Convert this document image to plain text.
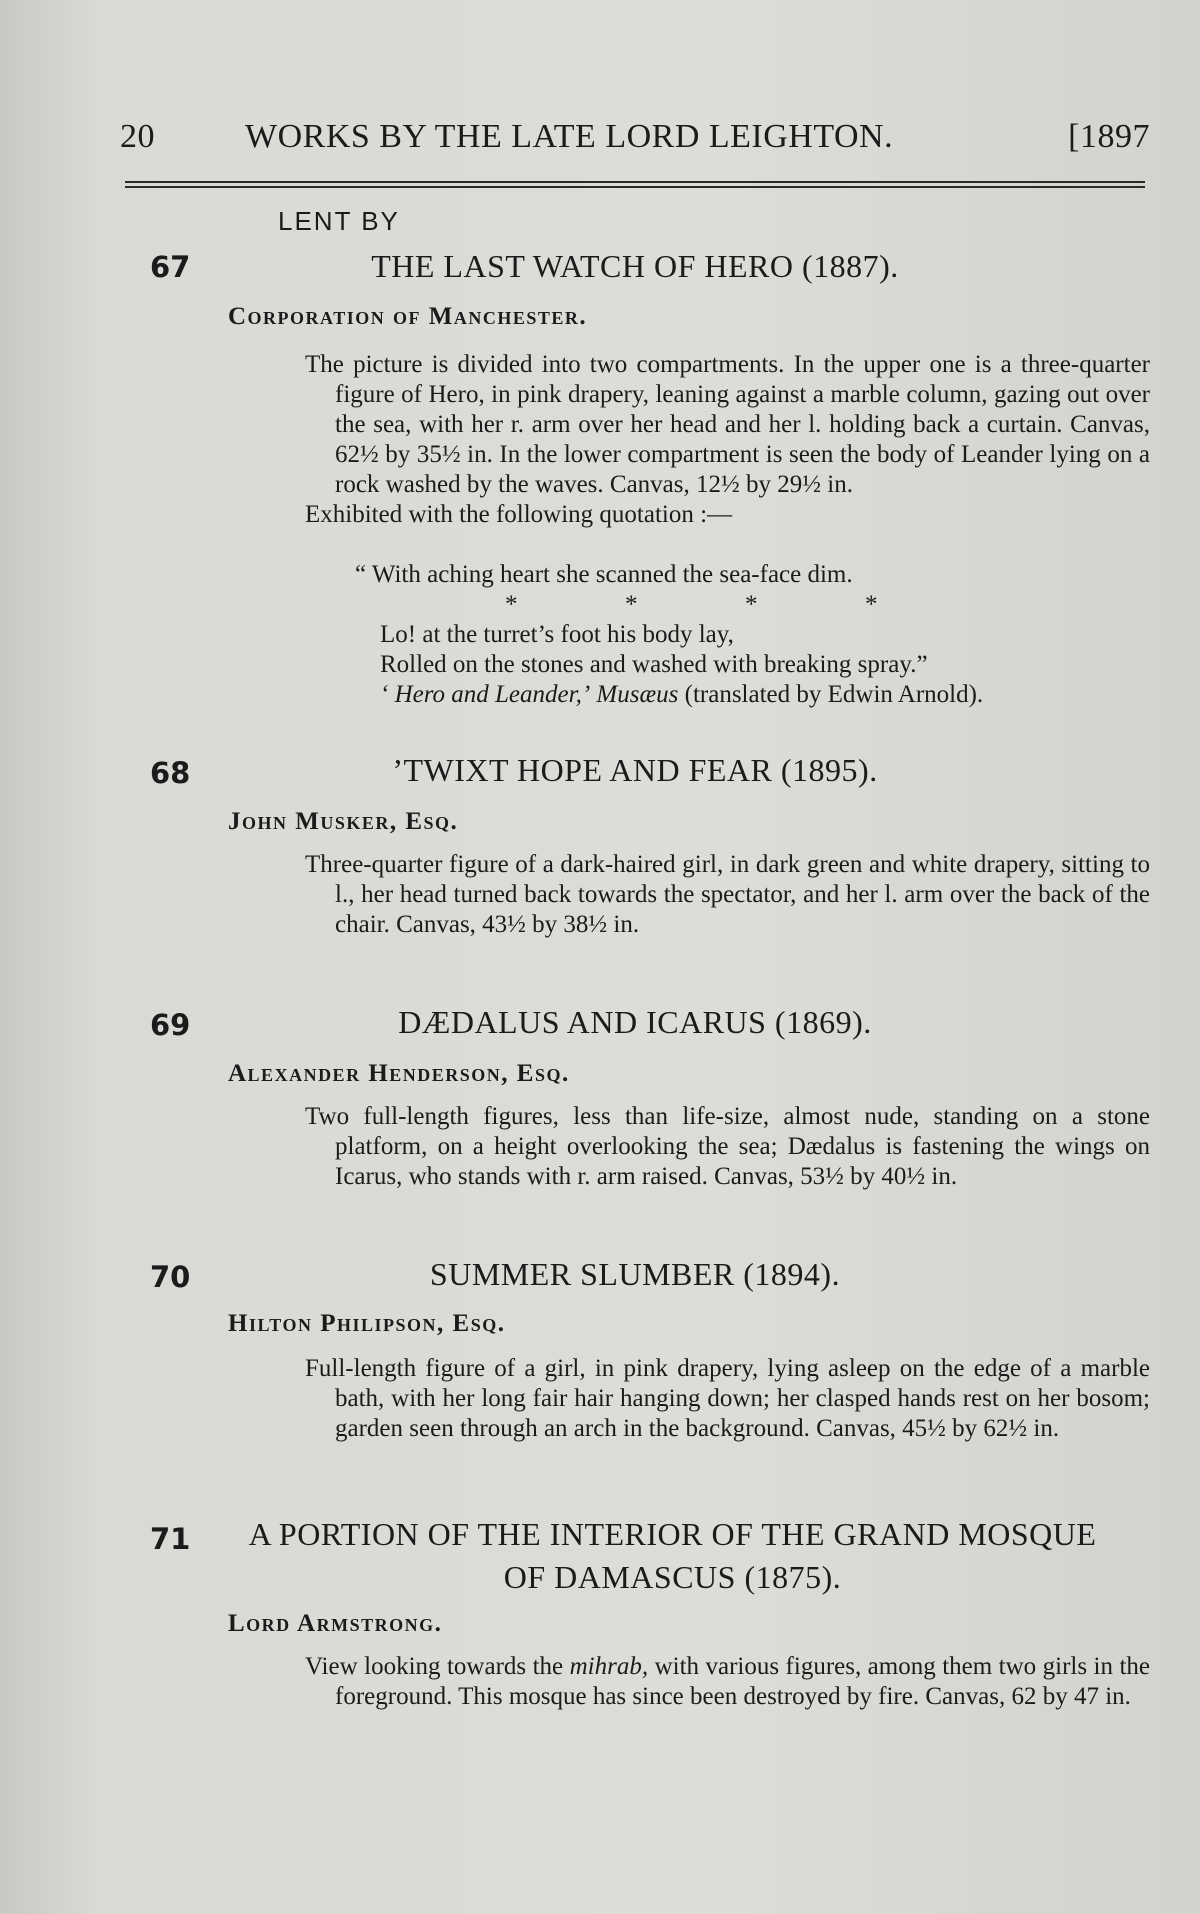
20	WORKS BY THE LATE LORD LEIGHTON.	[1897
LENT BY
67	THE LAST WATCH OF HERO (1887).
Corporation of Manchester.

The picture is divided into two compartments. In the upper one is a three-quarter figure of Hero, in pink drapery, leaning against a marble column, gazing out over the sea, with her r. arm over her head and her l. holding back a curtain. Canvas, 62½ by 35½ in. In the lower compartment is seen the body of Leander lying on a rock washed by the waves. Canvas, 12½ by 29½ in.

Exhibited with the following quotation :—

“ With aching heart she scanned the sea-face dim.
*	*	*	*
Lo! at the turret’s foot his body lay,
Rolled on the stones and washed with breaking spray.”
‘ Hero and Leander,’ Musæus (translated by Edwin Arnold).
68	’TWIXT HOPE AND FEAR (1895).
John Musker, Esq.
Three-quarter figure of a dark-haired girl, in dark green and white drapery, sitting to l., her head turned back towards the spectator, and her l. arm over the back of the chair. Canvas, 43½ by 38½ in.
69	DÆDALUS AND ICARUS (1869).
Alexander Henderson, Esq.
Two full-length figures, less than life-size, almost nude, standing on a stone platform, on a height overlooking the sea; Dædalus is fastening the wings on Icarus, who stands with r. arm raised. Canvas, 53½ by 40½ in.
70	SUMMER SLUMBER (1894).
Hilton Philipson, Esq.
Full-length figure of a girl, in pink drapery, lying asleep on the edge of a marble bath, with her long fair hair hanging down; her clasped hands rest on her bosom; garden seen through an arch in the background. Canvas, 45½ by 62½ in.
71	A PORTION OF THE INTERIOR OF THE GRAND MOSQUE
OF DAMASCUS (1875).
Lord Armstrong.
View looking towards the mihrab, with various figures, among them two girls in the foreground. This mosque has since been destroyed by fire. Canvas, 62 by 47 in.
